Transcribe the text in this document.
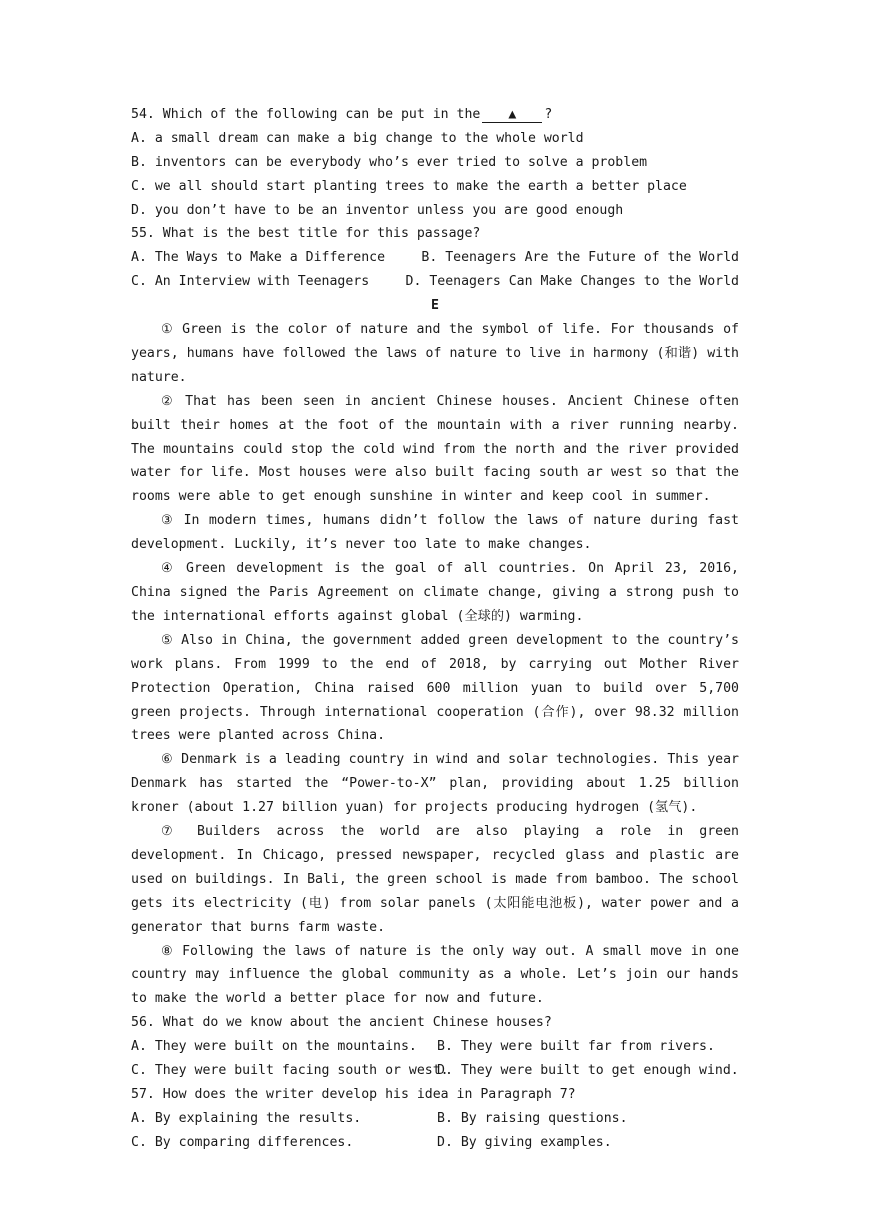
54. Which of the following can be put in the ▲ ?
A. a small dream can make a big change to the whole world
B. inventors can be everybody who’s ever tried to solve a problem
C. we all should start planting trees to make the earth a better place
D. you don’t have to be an inventor unless you are good enough
55. What is the best title for this passage?
A. The Ways to Make a Difference	B. Teenagers Are the Future of the World
C. An Interview with Teenagers	D. Teenagers Can Make Changes to the World
E

① Green is the color of nature and the symbol of life. For thousands of years, humans have followed the laws of nature to live in harmony (和谐) with nature.

② That has been seen in ancient Chinese houses. Ancient Chinese often built their homes at the foot of the mountain with a river running nearby. The mountains could stop the cold wind from the north and the river provided water for life. Most houses were also built facing south ar west so that the rooms were able to get enough sunshine in winter and keep cool in summer.

③ In modern times, humans didn’t follow the laws of nature during fast development. Luckily, it’s never too late to make changes.

④ Green development is the goal of all countries. On April 23, 2016, China signed the Paris Agreement on climate change, giving a strong push to the international efforts against global (全球的) warming.

⑤ Also in China, the government added green development to the country’s work plans. From 1999 to the end of 2018, by carrying out Mother River Protection Operation, China raised 600 million yuan to build over 5,700 green projects. Through international cooperation (合作), over 98.32 million trees were planted across China.

⑥ Denmark is a leading country in wind and solar technologies. This year Denmark has started the “Power-to-X” plan, providing about 1.25 billion kroner (about 1.27 billion yuan) for projects producing hydrogen (氢气).

⑦ Builders across the world are also playing a role in green development. In Chicago, pressed newspaper, recycled glass and plastic are used on buildings. In Bali, the green school is made from bamboo. The school gets its electricity (电) from solar panels (太阳能电池板), water power and a generator that burns farm waste.

⑧ Following the laws of nature is the only way out. A small move in one country may influence the global community as a whole. Let’s join our hands to make the world a better place for now and future.

56. What do we know about the ancient Chinese houses?
A. They were built on the mountains.	B. They were built far from rivers.
C. They were built facing south or west.
D. They were built to get enough wind.
57. How does the writer develop his idea in Paragraph 7?
A. By explaining the results.	B. By raising questions.
C. By comparing differences.	D. By giving examples.
